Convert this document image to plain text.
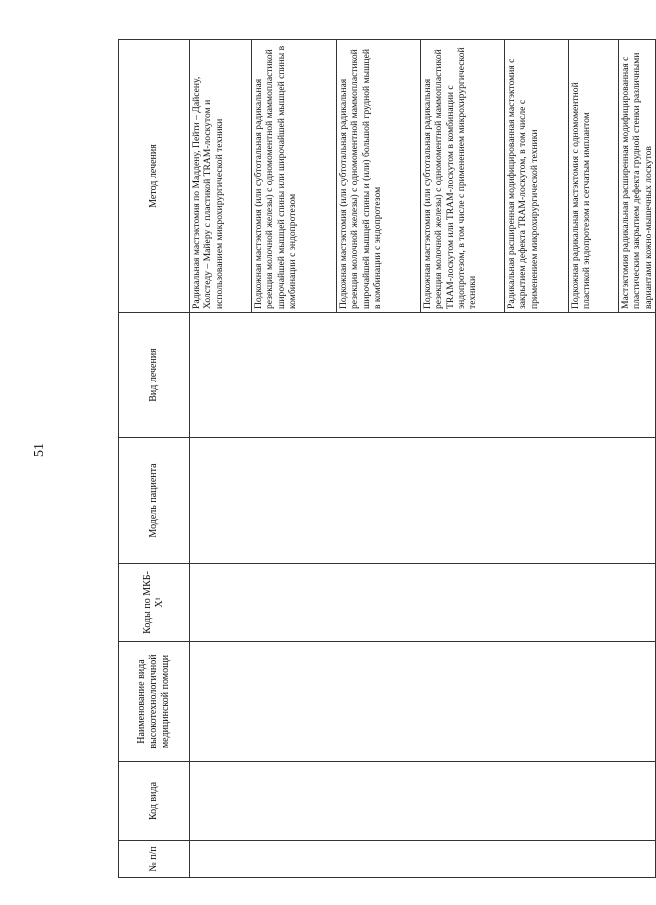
51
№ п/п	Код вида	Наименование вида высокотехнологичной медицинской помощи	Коды по МКБ-X¹	Модель пациента	Вид лечения	Метод лечения
						Радикальная мастэктомия по Маддену, Пейти – Дайсену, Холстеду – Майеру с пластикой TRAM-лоскутом и использованием микрохирургической техники
						Подкожная мастэктомия (или субтотальная радикальная резекция молочной железы) с одномоментной маммопластикой широчайшей мышцей спины или широчайшей мышцей спины в комбинации с эндопротезом
						Подкожная мастэктомия (или субтотальная радикальная резекция молочной железы) с одномоментной маммопластикой широчайшей мышцей спины и (или) большой грудной мышцей в комбинации с эндопротезом
						Подкожная мастэктомия (или субтотальная радикальная резекция молочной железы) с одномоментной маммопластикой TRAM-лоскутом или TRAM-лоскутом в комбинации с эндопротезом, в том числе с применением микрохирургической техники
						Радикальная расширенная модифицированная мастэктомия с закрытием дефекта TRAM-лоскутом, в том числе с применением микрохирургической техники
						Подкожная радикальная мастэктомия с одномоментной пластикой эндопротезом и сетчатым имплантом
						Мастэктомия радикальная расширенная модифицированная с пластическим закрытием дефекта грудной стенки различными вариантами кожно-мышечных лоскутов
